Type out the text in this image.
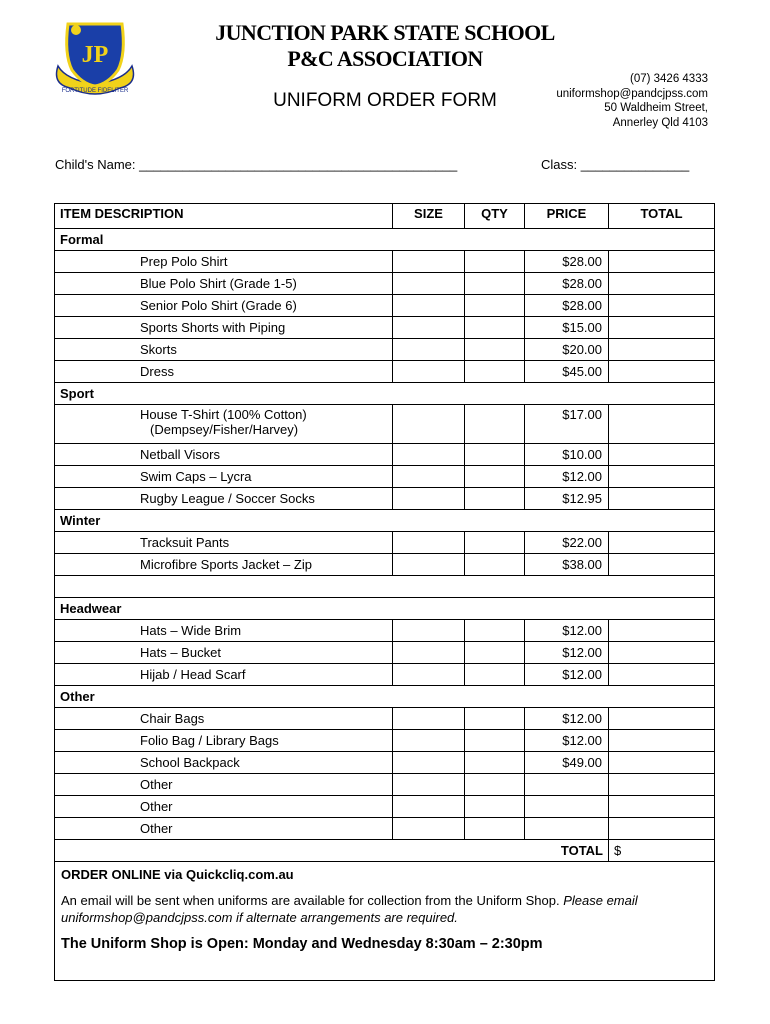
JP
FORTITUDE FIDELITER
JUNCTION PARK STATE SCHOOL
P&C ASSOCIATION
UNIFORM ORDER FORM
(07) 3426 4333
uniformshop@pandcjpss.com
50 Waldheim Street,
Annerley Qld 4103
Child's Name: ____________________________________________	Class: _______________
ITEM DESCRIPTION	SIZE	QTY	PRICE	TOTAL
Formal				
Prep Polo Shirt			$28.00	
Blue Polo Shirt (Grade 1-5)			$28.00	
Senior Polo Shirt (Grade 6)			$28.00	
Sports Shorts with Piping			$15.00	
Skorts			$20.00	
Dress			$45.00	
Sport				
House T-Shirt (100% Cotton)
(Dempsey/Fisher/Harvey)			$17.00	
Netball Visors			$10.00	
Swim Caps – Lycra			$12.00	
Rugby League / Soccer Socks			$12.95	
Winter				
Tracksuit Pants			$22.00	
Microfibre Sports Jacket – Zip			$38.00	

Headwear				
Hats – Wide Brim			$12.00	
Hats – Bucket			$12.00	
Hijab / Head Scarf			$12.00	
Other				
Chair Bags			$12.00	
Folio Bag / Library Bags			$12.00	
School Backpack			$49.00	
Other				
Other				
Other				
TOTAL				$

ORDER ONLINE via Quickcliq.com.au
An email will be sent when uniforms are available for collection from the Uniform Shop. Please email uniformshop@pandcjpss.com if alternate arrangements are required.
The Uniform Shop is Open: Monday and Wednesday 8:30am – 2:30pm				
